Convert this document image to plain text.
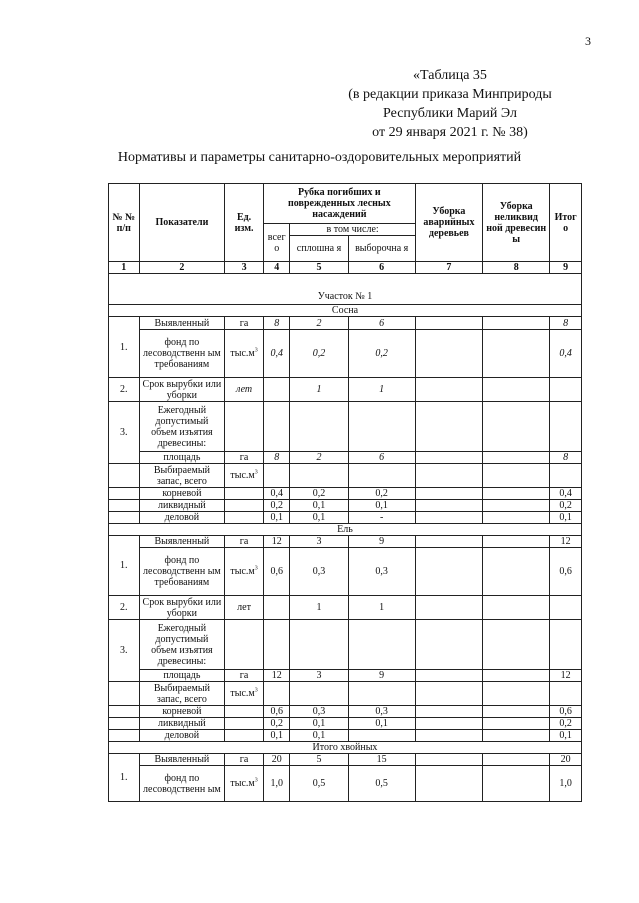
3
«Таблица 35
(в редакции приказа Минприроды
Республики Марий Эл
от 29 января 2021 г. № 38)
Нормативы и параметры санитарно-оздоровительных мероприятий
№ № п/п	Показатели	Ед. изм.	Рубка погибших и поврежденных лесных насаждений			Уборка аварийных деревьев	Уборка неликвид ной древесин ы	Итог о
			всег о	в том числе:				
				сплошна я	выборочна я			
1	2	3	4	5	6	7	8	9

Участок № 1								
Сосна								
1.	Выявленный	га	8	2	6			8
	фонд по лесоводственн ым требованиям	$тыс.м^3$	0,4	0,2	0,2			0,4
2.	Срок вырубки или уборки	лет		1	1			
3.	Ежегодный допустимый объем изъятия древесины:							
	площадь	га	8	2	6			8
	Выбираемый запас, всего	$тыс.м^3$						
	корневой		0,4	0,2	0,2			0,4
	ликвидный		0,2	0,1	0,1			0,2
	деловой		0,1	0,1	-			0,1
Ель								
1.	Выявленный	га	12	3	9			12
	фонд по лесоводственн ым требованиям	$тыс.м^3$	0,6	0,3	0,3			0,6
2.	Срок вырубки или уборки	лет		1	1			
3.	Ежегодный допустимый объем изъятия древесины:							
	площадь	га	12	3	9			12
	Выбираемый запас, всего	$тыс.м^3$						
	корневой		0,6	0,3	0,3			0,6
	ликвидный		0,2	0,1	0,1			0,2
	деловой		0,1	0,1				0,1
Итого хвойных								
1.	Выявленный	га	20	5	15			20
	фонд по лесоводственн ым	$тыс.м^3$	1,0	0,5	0,5			1,0
